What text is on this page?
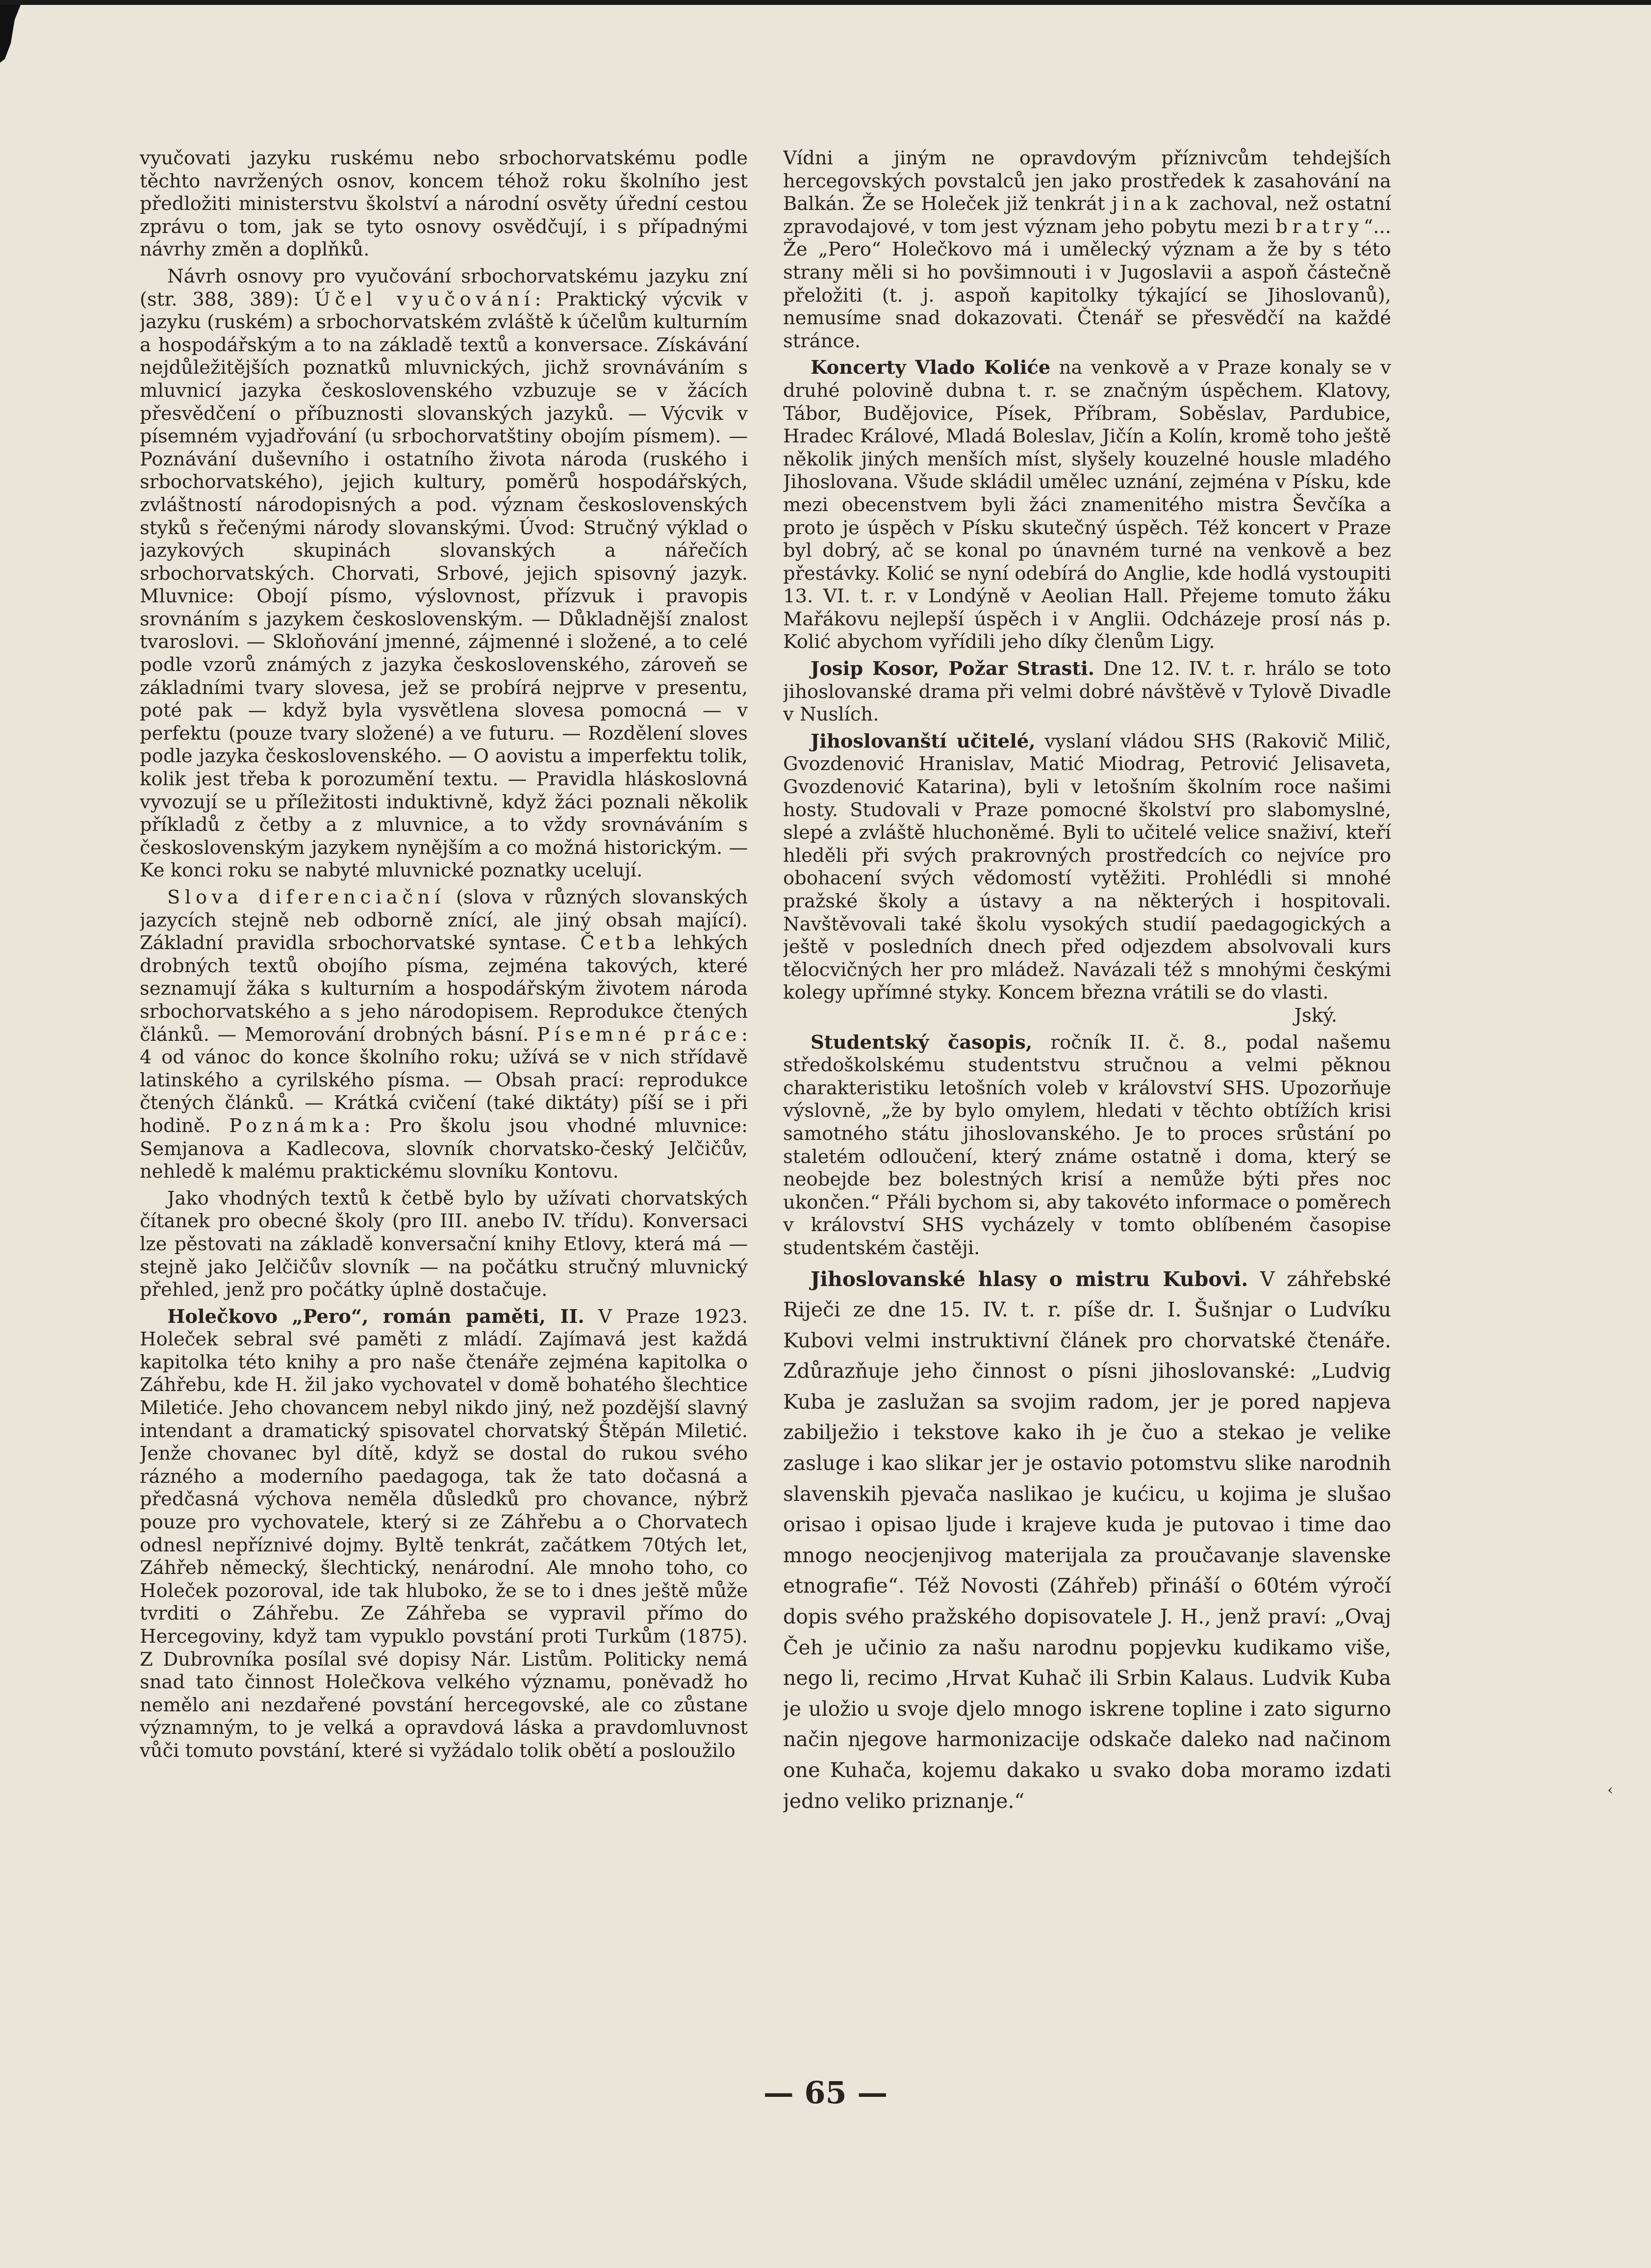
vyučovati jazyku ruskému nebo srbochorvatskému podle těchto navržených osnov, koncem téhož roku školního jest předložiti ministerstvu školství a národní osvěty úřední cestou zprávu o tom, jak se tyto osnovy osvědčují, i s případnými návrhy změn a doplňků.

Návrh osnovy pro vyučování srbochorvatskému jazyku zní (str. 388, 389): Účel vyučování: Praktický výcvik v jazyku (ruském) a srbochorvatském zvláště k účelům kulturním a hospodářským a to na základě textů a konversace. Získávání nejdůležitějších poznatků mluvnických, jichž srovnáváním s mluvnicí jazyka československého vzbuzuje se v žácích přesvědčení o příbuznosti slovanských jazyků. — Výcvik v písemném vyjadřování (u srbochorvatštiny obojím písmem). — Poznávání duševního i ostatního života národa (ruského i srbochorvatského), jejich kultury, poměrů hospodářských, zvláštností národopisných a pod. význam československých styků s řečenými národy slovanskými. Úvod: Stručný výklad o jazykových skupinách slovanských a nářečích srbochorvatských. Chorvati, Srbové, jejich spisovný jazyk. Mluvnice: Obojí písmo, výslovnost, přízvuk i pravopis srovnáním s jazykem československým. — Důkladnější znalost tvaroslovi. — Skloňování jmenné, zájmenné i složené, a to celé podle vzorů známých z jazyka československého, zároveň se základními tvary slovesa, jež se probírá nejprve v presentu, poté pak — když byla vysvětlena slovesa pomocná — v perfektu (pouze tvary složené) a ve futuru. — Rozdělení sloves podle jazyka československého. — O aovistu a imperfektu tolik, kolik jest třeba k porozumění textu. — Pravidla hláskoslovná vyvozují se u příležitosti induktivně, když žáci poznali několik příkladů z četby a z mluvnice, a to vždy srovnáváním s československým jazykem nynějším a co možná historickým. — Ke konci roku se nabyté mluvnické poznatky ucelují.

Slova diferenciační (slova v různých slovanských jazycích stejně neb odborně znící, ale jiný obsah mající). Základní pravidla srbochorvatské syntase. Četba lehkých drobných textů obojího písma, zejména takových, které seznamují žáka s kulturním a hospodářským životem národa srbochorvatského a s jeho národopisem. Reprodukce čtených článků. — Memorování drobných básní. Písemné práce: 4 od vánoc do konce školního roku; užívá se v nich střídavě latinského a cyrilského písma. — Obsah prací: reprodukce čtených článků. — Krátká cvičení (také diktáty) píší se i při hodině. Poznámka: Pro školu jsou vhodné mluvnice: Semjanova a Kadlecova, slovník chorvatsko-český Jelčičův, nehledě k malému praktickému slovníku Kontovu.

Jako vhodných textů k četbě bylo by užívati chorvatských čítanek pro obecné školy (pro III. anebo IV. třídu). Konversaci lze pěstovati na základě konversační knihy Etlovy, která má — stejně jako Jelčičův slovník — na počátku stručný mluvnický přehled, jenž pro počátky úplně dostačuje.

Holečkovo „Pero“, román paměti, II. V Praze 1923. Holeček sebral své paměti z mládí. Zajímavá jest každá kapitolka této knihy a pro naše čtenáře zejména kapitolka o Záhřebu, kde H. žil jako vychovatel v domě bohatého šlechtice Miletiće. Jeho chovancem nebyl nikdo jiný, než pozdější slavný intendant a dramatický spisovatel chorvatský Štěpán Miletić. Jenže chovanec byl dítě, když se dostal do rukou svého rázného a moderního paedagoga, tak že tato dočasná a předčasná výchova neměla důsledků pro chovance, nýbrž pouze pro vychovatele, který si ze Záhřebu a o Chorvatech odnesl nepříznivé dojmy. Byltě tenkrát, začátkem 70tých let, Záhřeb německý, šlechtický, nenárodní. Ale mnoho toho, co Holeček pozoroval, ide tak hluboko, že se to i dnes ještě může tvrditi o Záhřebu. Ze Záhřeba se vypravil přímo do Hercegoviny, když tam vypuklo povstání proti Turkům (1875). Z Dubrovníka posílal své dopisy Nár. Listům. Politicky nemá snad tato činnost Holečkova velkého významu, poněvadž ho nemělo ani nezdařené povstání hercegovské, ale co zůstane významným, to je velká a opravdová láska a pravdomluvnost vůči tomuto povstání, které si vyžádalo tolik obětí a posloužilo

Vídni a jiným ne opravdovým příznivcům tehdejších hercegovských povstalců jen jako prostředek k zasahování na Balkán. Že se Holeček již tenkrát jinak zachoval, než ostatní zpravodajové, v tom jest význam jeho pobytu mezi bratry“... Že „Pero“ Holečkovo má i umělecký význam a že by s této strany měli si ho povšimnouti i v Jugoslavii a aspoň částečně přeložiti (t. j. aspoň kapitolky týkající se Jihoslovanů), nemusíme snad dokazovati. Čtenář se přesvědčí na každé stránce.

Koncerty Vlado Koliće na venkově a v Praze konaly se v druhé polovině dubna t. r. se značným úspěchem. Klatovy, Tábor, Budějovice, Písek, Příbram, Soběslav, Pardubice, Hradec Králové, Mladá Boleslav, Jičín a Kolín, kromě toho ještě několik jiných menších míst, slyšely kouzelné housle mladého Jihoslovana. Všude skládil umělec uznání, zejména v Písku, kde mezi obecenstvem byli žáci znamenitého mistra Ševčíka a proto je úspěch v Písku skutečný úspěch. Též koncert v Praze byl dobrý, ač se konal po únavném turné na venkově a bez přestávky. Kolić se nyní odebírá do Anglie, kde hodlá vystoupiti 13. VI. t. r. v Londýně v Aeolian Hall. Přejeme tomuto žáku Mařákovu nejlepší úspěch i v Anglii. Odcházeje prosí nás p. Kolić abychom vyřídili jeho díky členům Ligy.

Josip Kosor, Požar Strasti. Dne 12. IV. t. r. hrálo se toto jihoslovanské drama při velmi dobré návštěvě v Tylově Divadle v Nuslích.

Jihoslovanští učitelé, vyslaní vládou SHS (Rakovič Milič, Gvozdenović Hranislav, Matić Miodrag, Petrović Jelisaveta, Gvozdenović Katarina), byli v letošním školním roce našimi hosty. Studovali v Praze pomocné školství pro slabomyslné, slepé a zvláště hluchoněmé. Byli to učitelé velice snaživí, kteří hleděli při svých prakrovných prostředcích co nejvíce pro obohacení svých vědomostí vytěžiti. Prohlédli si mnohé pražské školy a ústavy a na některých i hospitovali. Navštěvovali také školu vysokých studií paedagogických a ještě v posledních dnech před odjezdem absolvovali kurs tělocvičných her pro mládež. Navázali též s mnohými českými kolegy upřímné styky. Koncem března vrátili se do vlasti.
Jský.

Studentský časopis, ročník II. č. 8., podal našemu středoškolskému studentstvu stručnou a velmi pěknou charakteristiku letošních voleb v království SHS. Upozorňuje výslovně, „že by bylo omylem, hledati v těchto obtížích krisi samotného státu jihoslovanského. Je to proces srůstání po staletém odloučení, který známe ostatně i doma, který se neobejde bez bolestných krisí a nemůže býti přes noc ukončen.“ Přáli bychom si, aby takovéto informace o poměrech v království SHS vycházely v tomto oblíbeném časopise studentském častěji.

Jihoslovanské hlasy o mistru Kubovi. V záhřebské Riječi ze dne 15. IV. t. r. píše dr. I. Šušnjar o Ludvíku Kubovi velmi instruktivní článek pro chorvatské čtenáře. Zdůrazňuje jeho činnost o písni jihoslovanské: „Ludvig Kuba je zaslužan sa svojim radom, jer je pored napjeva zabilježio i tekstove kako ih je čuo a stekao je velike zasluge i kao slikar jer je ostavio potomstvu slike narodnih slavenskih pjevača naslikao je kućicu, u kojima je slušao orisao i opisao ljude i krajeve kuda je putovao i time dao mnogo neocjenjivog materijala za proučavanje slavenske etnografie“. Též Novosti (Záhřeb) přináší o 60tém výročí dopis svého pražského dopisovatele J. H., jenž praví: „Ovaj Čeh je učinio za našu narodnu popjevku kudikamo više, nego li, recimo ‚Hrvat Kuhač ili Srbin Kalaus. Ludvik Kuba je uložio u svoje djelo mnogo iskrene topline i zato sigurno način njegove harmonizacije odskače daleko nad načinom one Kuhača, kojemu dakako u svako doba moramo izdati jedno veliko priznanje.“	‹
— 65 —
